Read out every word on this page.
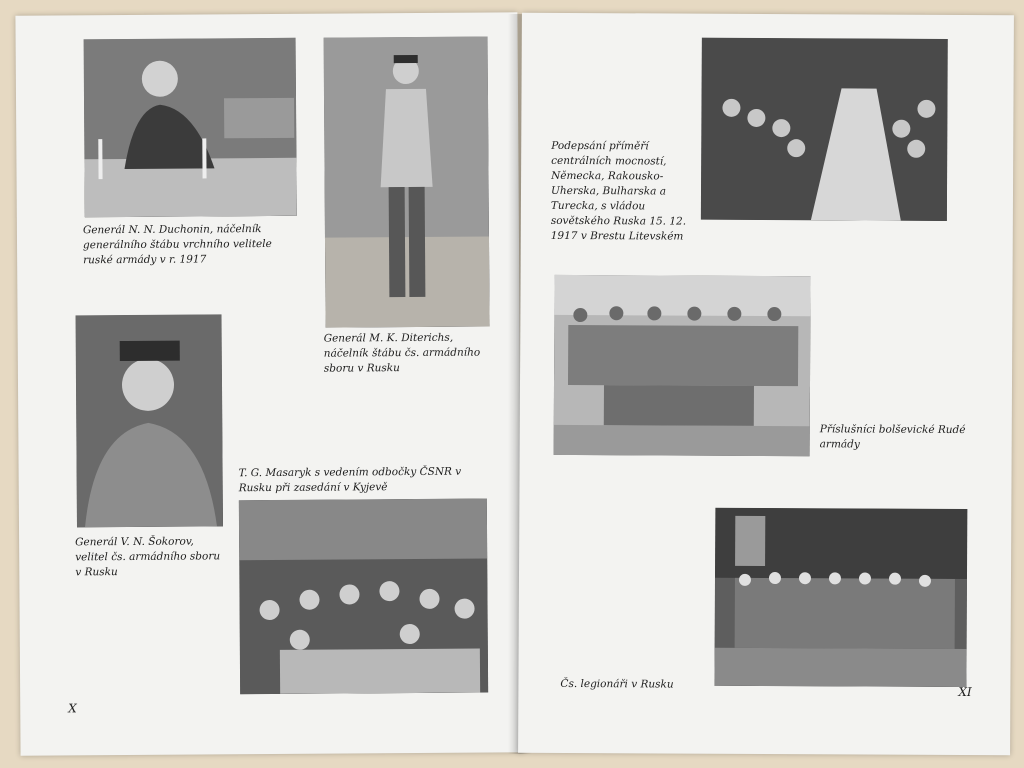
Generál N. N. Duchonin, náčelník generálního štábu vrchního velitele ruské armády v r. 1917
Generál M. K. Diterichs, náčelník štábu čs. armádního sboru v Rusku
Generál V. N. Šokorov, velitel čs. armádního sboru v Rusku
T. G. Masaryk s vedením odbočky ČSNR v Rusku při zasedání v Kyjevě
X
Podepsání příměří centrálních mocností, Německa, Rakousko-Uherska, Bulharska a Turecka, s vládou sovětského Ruska 15. 12. 1917 v Brestu Litevském
Příslušníci bolševické Rudé armády
Čs. legionáři v Rusku
XI
